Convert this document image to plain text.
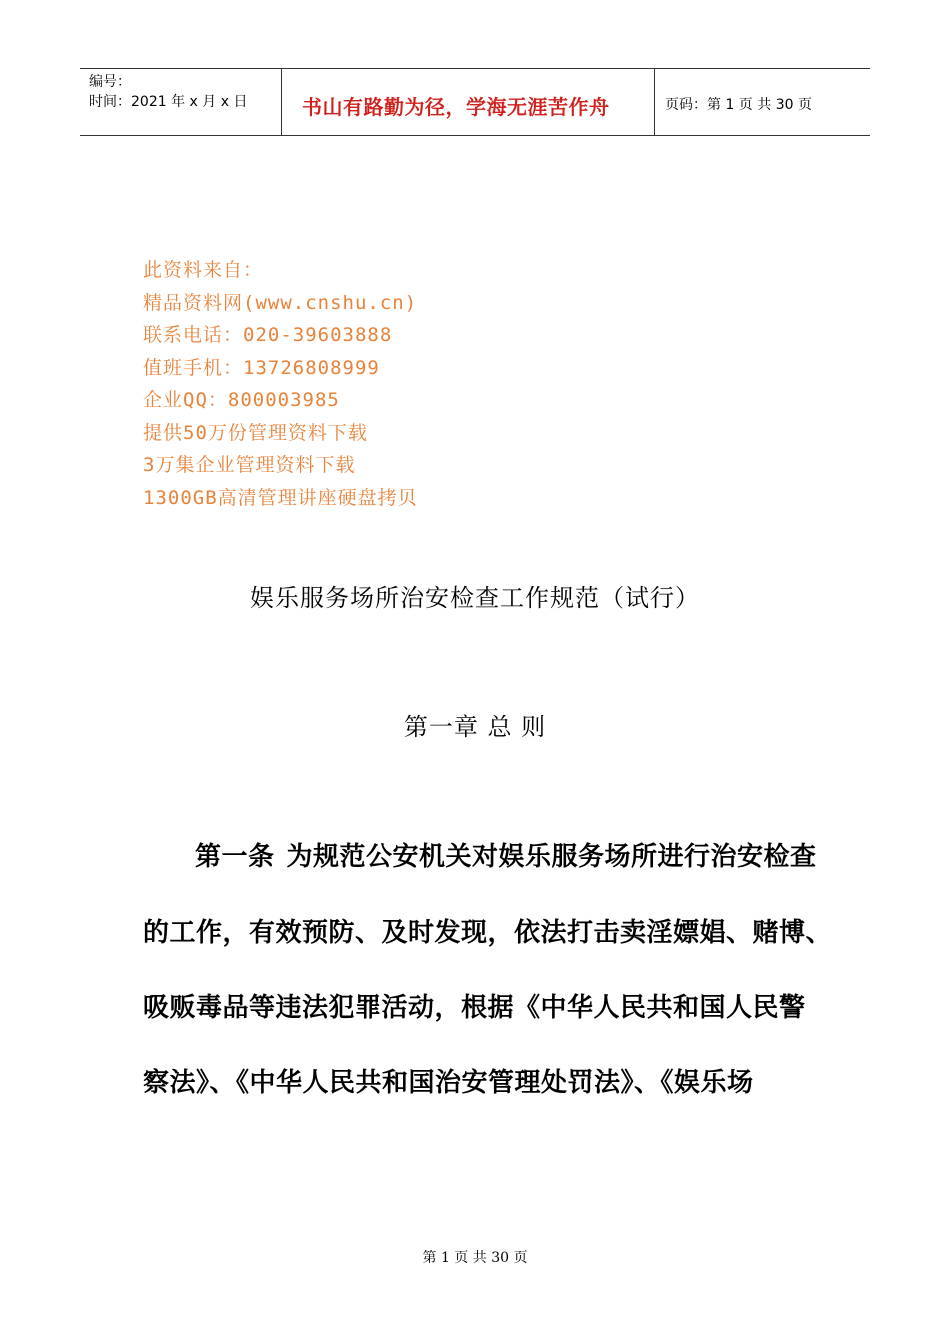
编号：
时间：2021 年 x 月 x 日	书山有路勤为径，学海无涯苦作舟	页码：第 1 页 共 30 页
此资料来自：
精品资料网(www.cnshu.cn)
联系电话：020-39603888
值班手机：13726808999
企业QQ：800003985
提供50万份管理资料下载
3万集企业管理资料下载
1300GB高清管理讲座硬盘拷贝
娱乐服务场所治安检查工作规范（试行）
第一章 总 则
第一条 为规范公安机关对娱乐服务场所进行治安检查
的工作，有效预防、及时发现，依法打击卖淫嫖娼、赌博、
吸贩毒品等违法犯罪活动，根据《中华人民共和国人民警
察法》、《中华人民共和国治安管理处罚法》、《娱乐场
第 1 页 共 30 页
